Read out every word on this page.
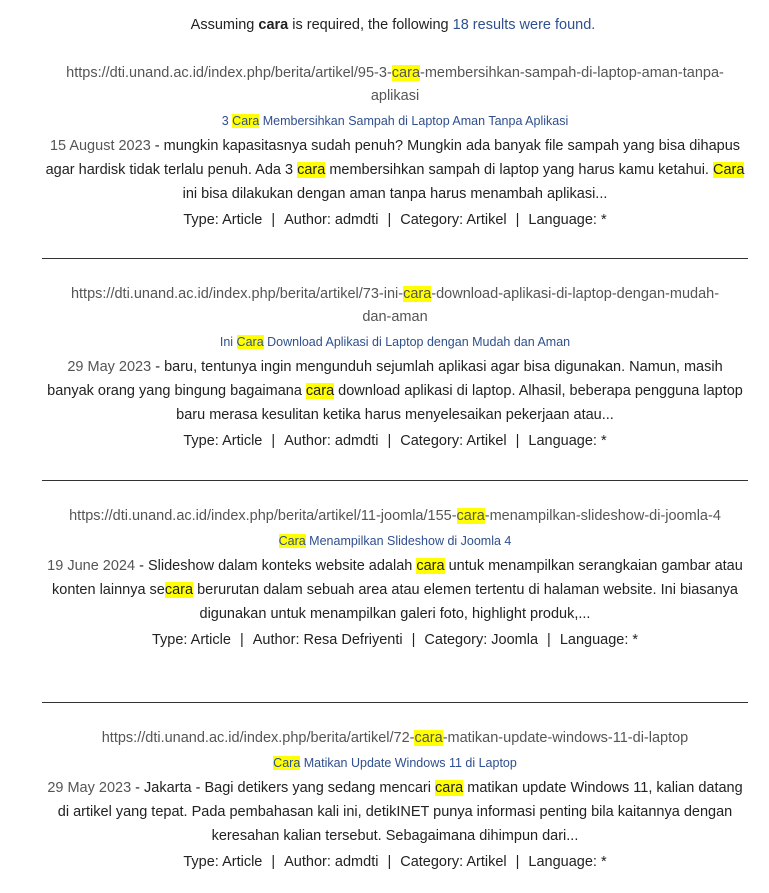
Assuming cara is required, the following 18 results were found.
https://dti.unand.ac.id/index.php/berita/artikel/95-3-cara-membersihkan-sampah-di-laptop-aman-tanpa-aplikasi
3 Cara Membersihkan Sampah di Laptop Aman Tanpa Aplikasi
15 August 2023 - mungkin kapasitasnya sudah penuh? Mungkin ada banyak file sampah yang bisa dihapus agar hardisk tidak terlalu penuh. Ada 3 cara membersihkan sampah di laptop yang harus kamu ketahui. Cara ini bisa dilakukan dengan aman tanpa harus menambah aplikasi...
Type: Article | Author: admdti | Category: Artikel | Language: *
https://dti.unand.ac.id/index.php/berita/artikel/73-ini-cara-download-aplikasi-di-laptop-dengan-mudah-dan-aman
Ini Cara Download Aplikasi di Laptop dengan Mudah dan Aman
29 May 2023 - baru, tentunya ingin mengunduh sejumlah aplikasi agar bisa digunakan. Namun, masih banyak orang yang bingung bagaimana cara download aplikasi di laptop. Alhasil, beberapa pengguna laptop baru merasa kesulitan ketika harus menyelesaikan pekerjaan atau...
Type: Article | Author: admdti | Category: Artikel | Language: *
https://dti.unand.ac.id/index.php/berita/artikel/11-joomla/155-cara-menampilkan-slideshow-di-joomla-4
Cara Menampilkan Slideshow di Joomla 4
19 June 2024 - Slideshow dalam konteks website adalah cara untuk menampilkan serangkaian gambar atau konten lainnya secara berurutan dalam sebuah area atau elemen tertentu di halaman website. Ini biasanya digunakan untuk menampilkan galeri foto, highlight produk,...
Type: Article | Author: Resa Defriyenti | Category: Joomla | Language: *
https://dti.unand.ac.id/index.php/berita/artikel/72-cara-matikan-update-windows-11-di-laptop
Cara Matikan Update Windows 11 di Laptop
29 May 2023 - Jakarta - Bagi detikers yang sedang mencari cara matikan update Windows 11, kalian datang di artikel yang tepat. Pada pembahasan kali ini, detikINET punya informasi penting bila kaitannya dengan keresahan kalian tersebut. Sebagaimana dihimpun dari...
Type: Article | Author: admdti | Category: Artikel | Language: *
